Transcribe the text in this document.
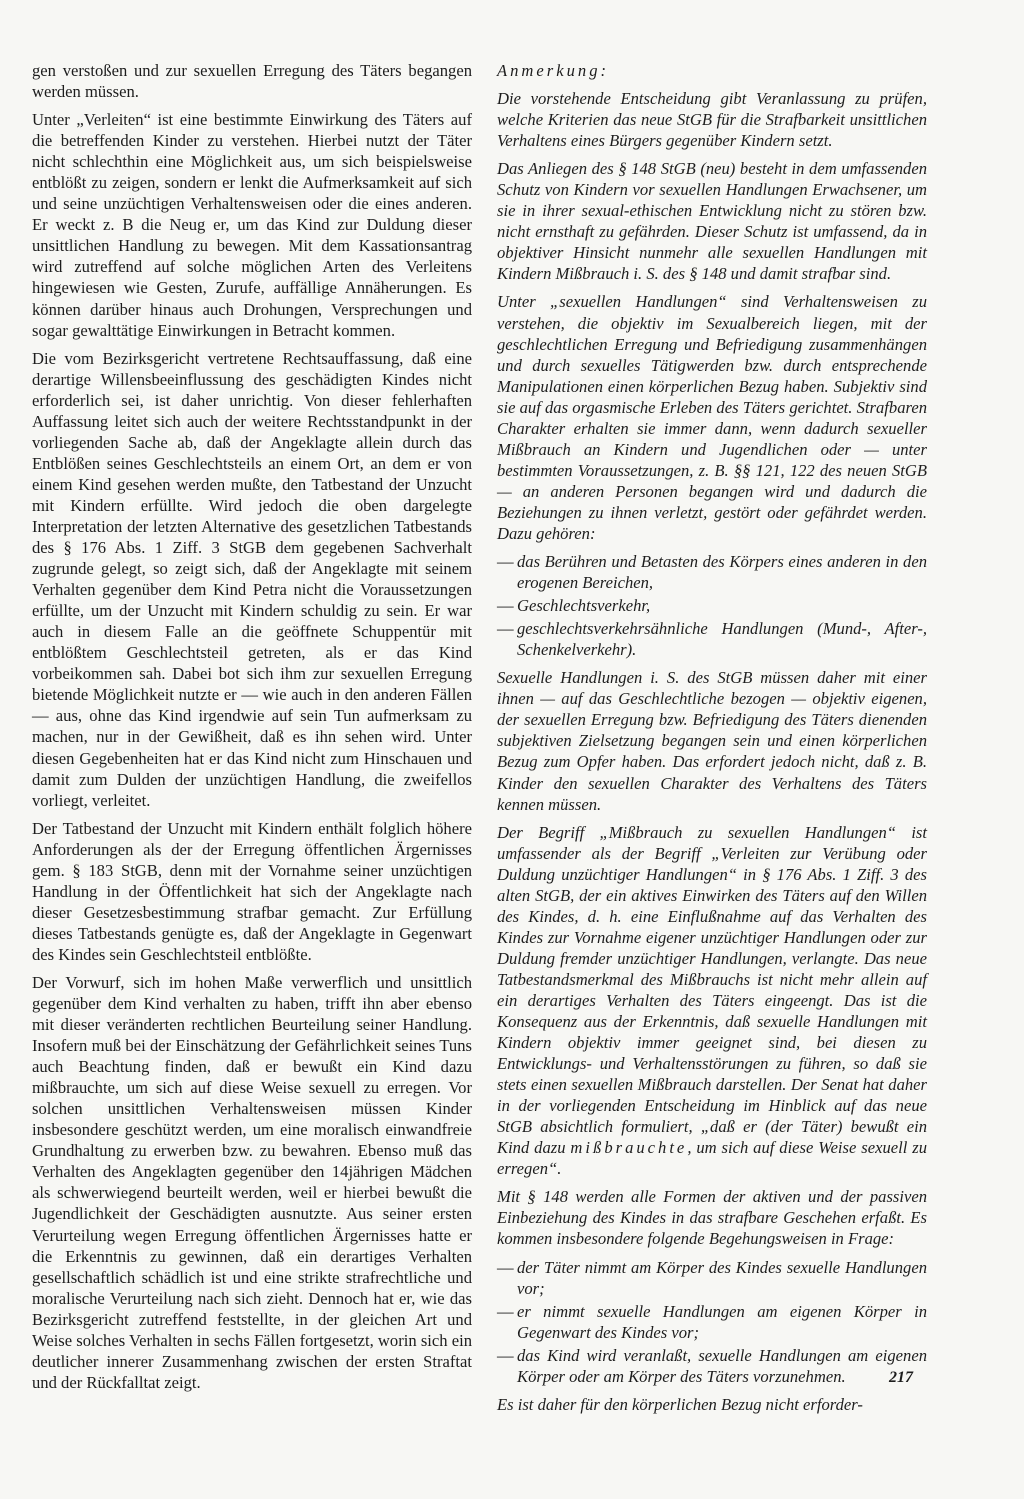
gen verstoßen und zur sexuellen Erregung des Täters begangen werden müssen.

Unter „Verleiten“ ist eine bestimmte Einwirkung des Täters auf die betreffenden Kinder zu verstehen. Hierbei nutzt der Täter nicht schlechthin eine Möglichkeit aus, um sich beispielsweise entblößt zu zeigen, sondern er lenkt die Aufmerksamkeit auf sich und seine unzüchtigen Verhaltensweisen oder die eines anderen. Er weckt z. B die Neug er, um das Kind zur Duldung dieser unsittlichen Handlung zu bewegen. Mit dem Kassationsantrag wird zutreffend auf solche möglichen Arten des Verleitens hingewiesen wie Gesten, Zurufe, auffällige Annäherungen. Es können darüber hinaus auch Drohungen, Versprechungen und sogar gewalttätige Einwirkungen in Betracht kommen.

Die vom Bezirksgericht vertretene Rechtsauffassung, daß eine derartige Willensbeeinflussung des geschädigten Kindes nicht erforderlich sei, ist daher unrichtig. Von dieser fehlerhaften Auffassung leitet sich auch der weitere Rechtsstandpunkt in der vorliegenden Sache ab, daß der Angeklagte allein durch das Entblößen seines Geschlechtsteils an einem Ort, an dem er von einem Kind gesehen werden mußte, den Tatbestand der Unzucht mit Kindern erfüllte. Wird jedoch die oben dargelegte Interpretation der letzten Alternative des gesetzlichen Tatbestands des § 176 Abs. 1 Ziff. 3 StGB dem gegebenen Sachverhalt zugrunde gelegt, so zeigt sich, daß der Angeklagte mit seinem Verhalten gegenüber dem Kind Petra nicht die Voraussetzungen erfüllte, um der Unzucht mit Kindern schuldig zu sein. Er war auch in diesem Falle an die geöffnete Schuppentür mit entblößtem Geschlechtsteil getreten, als er das Kind vorbeikommen sah. Dabei bot sich ihm zur sexuellen Erregung bietende Möglichkeit nutzte er — wie auch in den anderen Fällen — aus, ohne das Kind irgendwie auf sein Tun aufmerksam zu machen, nur in der Gewißheit, daß es ihn sehen wird. Unter diesen Gegebenheiten hat er das Kind nicht zum Hinschauen und damit zum Dulden der unzüchtigen Handlung, die zweifellos vorliegt, verleitet.

Der Tatbestand der Unzucht mit Kindern enthält folglich höhere Anforderungen als der der Erregung öffentlichen Ärgernisses gem. § 183 StGB, denn mit der Vornahme seiner unzüchtigen Handlung in der Öffentlichkeit hat sich der Angeklagte nach dieser Gesetzesbestimmung strafbar gemacht. Zur Erfüllung dieses Tatbestands genügte es, daß der Angeklagte in Gegenwart des Kindes sein Geschlechtsteil entblößte.

Der Vorwurf, sich im hohen Maße verwerflich und unsittlich gegenüber dem Kind verhalten zu haben, trifft ihn aber ebenso mit dieser veränderten rechtlichen Beurteilung seiner Handlung. Insofern muß bei der Einschätzung der Gefährlichkeit seines Tuns auch Beachtung finden, daß er bewußt ein Kind dazu mißbrauchte, um sich auf diese Weise sexuell zu erregen. Vor solchen unsittlichen Verhaltensweisen müssen Kinder insbesondere geschützt werden, um eine moralisch einwandfreie Grundhaltung zu erwerben bzw. zu bewahren. Ebenso muß das Verhalten des Angeklagten gegenüber den 14jährigen Mädchen als schwerwiegend beurteilt werden, weil er hierbei bewußt die Jugendlichkeit der Geschädigten ausnutzte. Aus seiner ersten Verurteilung wegen Erregung öffentlichen Ärgernisses hatte er die Erkenntnis zu gewinnen, daß ein derartiges Verhalten gesellschaftlich schädlich ist und eine strikte strafrechtliche und moralische Verurteilung nach sich zieht. Dennoch hat er, wie das Bezirksgericht zutreffend feststellte, in der gleichen Art und Weise solches Verhalten in sechs Fällen fortgesetzt, worin sich ein deutlicher innerer Zusammenhang zwischen der ersten Straftat und der Rückfalltat zeigt.

Anmerkung:

Die vorstehende Entscheidung gibt Veranlassung zu prüfen, welche Kriterien das neue StGB für die Strafbarkeit unsittlichen Verhaltens eines Bürgers gegenüber Kindern setzt.

Das Anliegen des § 148 StGB (neu) besteht in dem umfassenden Schutz von Kindern vor sexuellen Handlungen Erwachsener, um sie in ihrer sexual-ethischen Entwicklung nicht zu stören bzw. nicht ernsthaft zu gefährden. Dieser Schutz ist umfassend, da in objektiver Hinsicht nunmehr alle sexuellen Handlungen mit Kindern Mißbrauch i. S. des § 148 und damit strafbar sind.

Unter „sexuellen Handlungen“ sind Verhaltensweisen zu verstehen, die objektiv im Sexualbereich liegen, mit der geschlechtlichen Erregung und Befriedigung zusammenhängen und durch sexuelles Tätigwerden bzw. durch entsprechende Manipulationen einen körperlichen Bezug haben. Subjektiv sind sie auf das orgasmische Erleben des Täters gerichtet. Strafbaren Charakter erhalten sie immer dann, wenn dadurch sexueller Mißbrauch an Kindern und Jugendlichen oder — unter bestimmten Voraussetzungen, z. B. §§ 121, 122 des neuen StGB — an anderen Personen begangen wird und dadurch die Beziehungen zu ihnen verletzt, gestört oder gefährdet werden. Dazu gehören:

— das Berühren und Betasten des Körpers eines anderen in den erogenen Bereichen,
— Geschlechtsverkehr,
— geschlechtsverkehrsähnliche Handlungen (Mund-, After-, Schenkelverkehr).

Sexuelle Handlungen i. S. des StGB müssen daher mit einer ihnen — auf das Geschlechtliche bezogen — objektiv eigenen, der sexuellen Erregung bzw. Befriedigung des Täters dienenden subjektiven Zielsetzung begangen sein und einen körperlichen Bezug zum Opfer haben. Das erfordert jedoch nicht, daß z. B. Kinder den sexuellen Charakter des Verhaltens des Täters kennen müssen.

Der Begriff „Mißbrauch zu sexuellen Handlungen“ ist umfassender als der Begriff „Verleiten zur Verübung oder Duldung unzüchtiger Handlungen“ in § 176 Abs. 1 Ziff. 3 des alten StGB, der ein aktives Einwirken des Täters auf den Willen des Kindes, d. h. eine Einflußnahme auf das Verhalten des Kindes zur Vornahme eigener unzüchtiger Handlungen oder zur Duldung fremder unzüchtiger Handlungen, verlangte. Das neue Tatbestandsmerkmal des Mißbrauchs ist nicht mehr allein auf ein derartiges Verhalten des Täters eingeengt. Das ist die Konsequenz aus der Erkenntnis, daß sexuelle Handlungen mit Kindern objektiv immer geeignet sind, bei diesen zu Entwicklungs- und Verhaltensstörungen zu führen, so daß sie stets einen sexuellen Mißbrauch darstellen. Der Senat hat daher in der vorliegenden Entscheidung im Hinblick auf das neue StGB absichtlich formuliert, „daß er (der Täter) bewußt ein Kind dazu mißbrauchte, um sich auf diese Weise sexuell zu erregen“.

Mit § 148 werden alle Formen der aktiven und der passiven Einbeziehung des Kindes in das strafbare Geschehen erfaßt. Es kommen insbesondere folgende Begehungsweisen in Frage:

— der Täter nimmt am Körper des Kindes sexuelle Handlungen vor;
— er nimmt sexuelle Handlungen am eigenen Körper in Gegenwart des Kindes vor;
— das Kind wird veranlaßt, sexuelle Handlungen am eigenen Körper oder am Körper des Täters vorzunehmen.

Es ist daher für den körperlichen Bezug nicht erforder-

217
